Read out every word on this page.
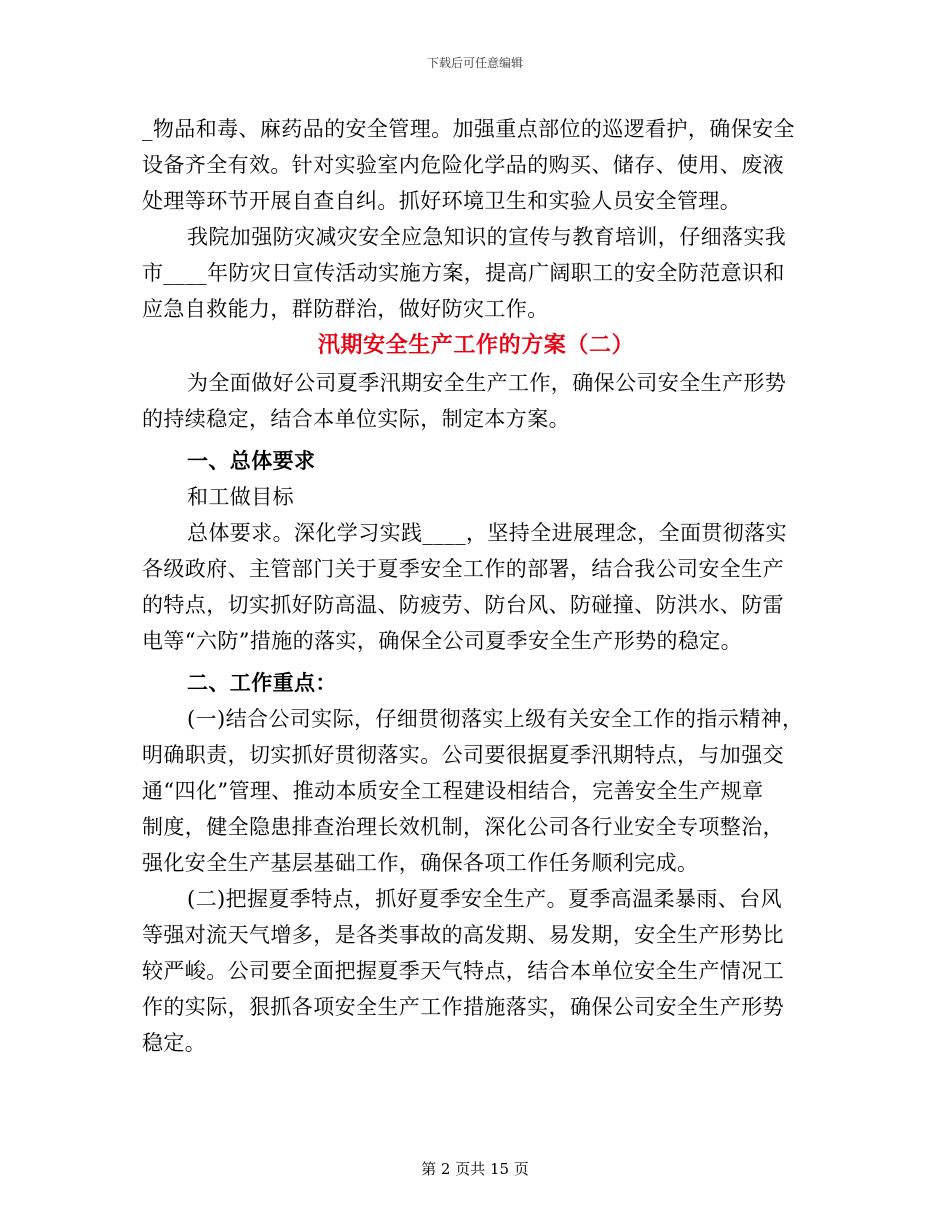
下载后可任意编辑
_物品和毒、麻药品的安全管理。加强重点部位的巡逻看护，确保安全
设备齐全有效。针对实验室内危险化学品的购买、储存、使用、废液
处理等环节开展自查自纠。抓好环境卫生和实验人员安全管理。
我院加强防灾减灾安全应急知识的宣传与教育培训，仔细落实我
市____年防灾日宣传活动实施方案，提高广阔职工的安全防范意识和
应急自救能力，群防群治，做好防灾工作。
汛期安全生产工作的方案（二）
为全面做好公司夏季汛期安全生产工作，确保公司安全生产形势
的持续稳定，结合本单位实际，制定本方案。
一、总体要求
和工做目标
总体要求。深化学习实践____，坚持全进展理念，全面贯彻落实
各级政府、主管部门关于夏季安全工作的部署，结合我公司安全生产
的特点，切实抓好防高温、防疲劳、防台风、防碰撞、防洪水、防雷
电等“六防”措施的落实，确保全公司夏季安全生产形势的稳定。
二、工作重点：
(一)结合公司实际，仔细贯彻落实上级有关安全工作的指示精神，
明确职责，切实抓好贯彻落实。公司要很据夏季汛期特点，与加强交
通“四化”管理、推动本质安全工程建设相结合，完善安全生产规章
制度，健全隐患排查治理长效机制，深化公司各行业安全专项整治，
强化安全生产基层基础工作，确保各项工作任务顺利完成。
(二)把握夏季特点，抓好夏季安全生产。夏季高温柔暴雨、台风
等强对流天气增多，是各类事故的高发期、易发期，安全生产形势比
较严峻。公司要全面把握夏季天气特点，结合本单位安全生产情况工
作的实际，狠抓各项安全生产工作措施落实，确保公司安全生产形势
稳定。
第 2 页共 15 页
